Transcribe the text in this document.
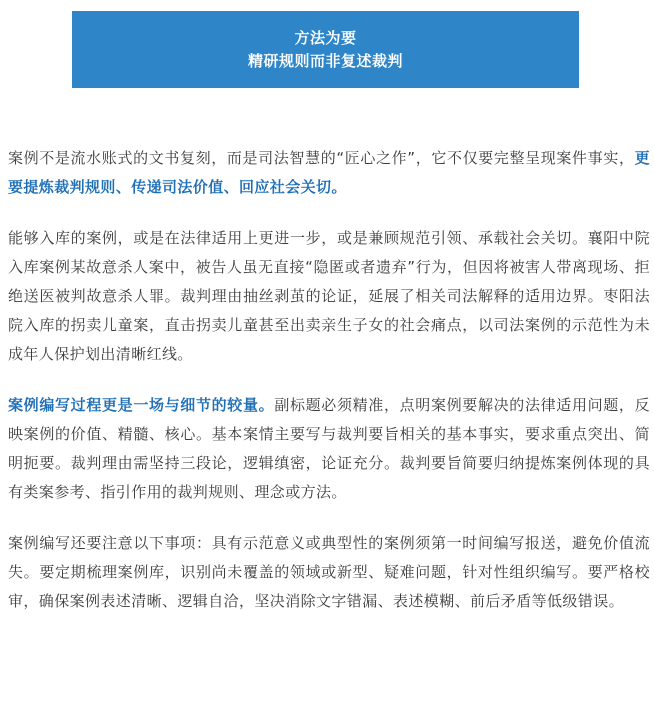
方法为要
精研规则而非复述裁判

案例不是流水账式的文书复刻，而是司法智慧的“匠心之作”，它不仅要完整呈现案件事实，更要提炼裁判规则、传递司法价值、回应社会关切。

能够入库的案例，或是在法律适用上更进一步，或是兼顾规范引领、承载社会关切。襄阳中院入库案例某故意杀人案中，被告人虽无直接“隐匿或者遗弃”行为，但因将被害人带离现场、拒绝送医被判故意杀人罪。裁判理由抽丝剥茧的论证，延展了相关司法解释的适用边界。枣阳法院入库的拐卖儿童案，直击拐卖儿童甚至出卖亲生子女的社会痛点，以司法案例的示范性为未成年人保护划出清晰红线。

案例编写过程更是一场与细节的较量。副标题必须精准，点明案例要解决的法律适用问题，反映案例的价值、精髓、核心。基本案情主要写与裁判要旨相关的基本事实，要求重点突出、简明扼要。裁判理由需坚持三段论，逻辑缜密，论证充分。裁判要旨简要归纳提炼案例体现的具有类案参考、指引作用的裁判规则、理念或方法。

案例编写还要注意以下事项：具有示范意义或典型性的案例须第一时间编写报送，避免价值流失。要定期梳理案例库，识别尚未覆盖的领域或新型、疑难问题，针对性组织编写。要严格校审，确保案例表述清晰、逻辑自洽，坚决消除文字错漏、表述模糊、前后矛盾等低级错误。
